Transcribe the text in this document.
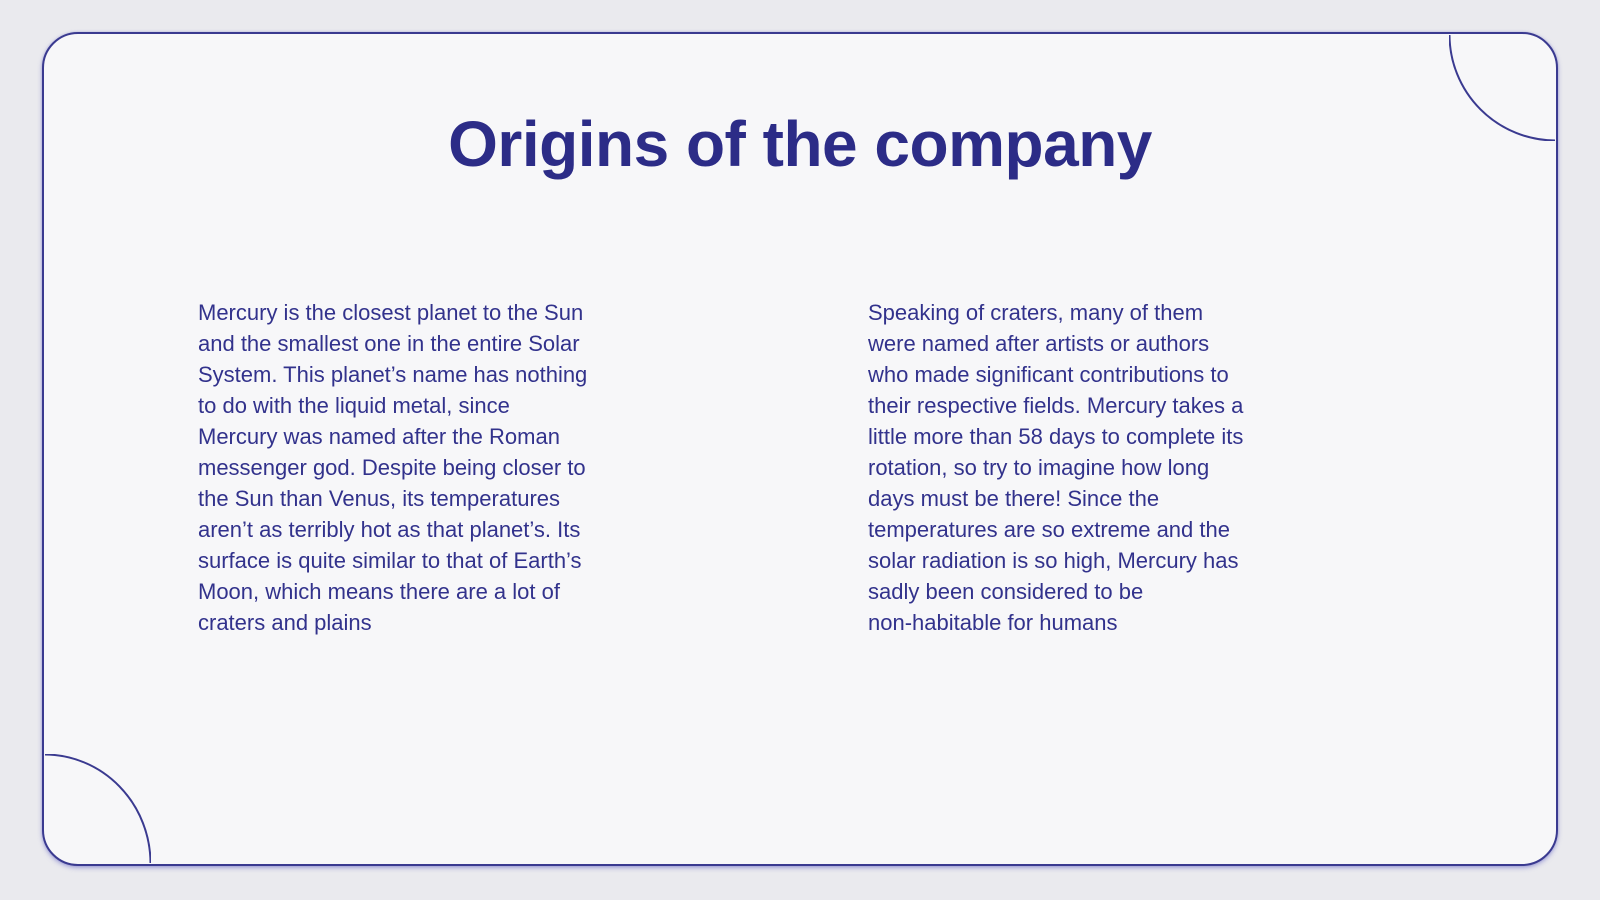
Origins of the company
Mercury is the closest planet to the Sun
and the smallest one in the entire Solar
System. This planet’s name has nothing
to do with the liquid metal, since
Mercury was named after the Roman
messenger god. Despite being closer to
the Sun than Venus, its temperatures
aren’t as terribly hot as that planet’s. Its
surface is quite similar to that of Earth’s
Moon, which means there are a lot of
craters and plains
Speaking of craters, many of them
were named after artists or authors
who made significant contributions to
their respective fields. Mercury takes a
little more than 58 days to complete its
rotation, so try to imagine how long
days must be there! Since the
temperatures are so extreme and the
solar radiation is so high, Mercury has
sadly been considered to be
non-habitable for humans
